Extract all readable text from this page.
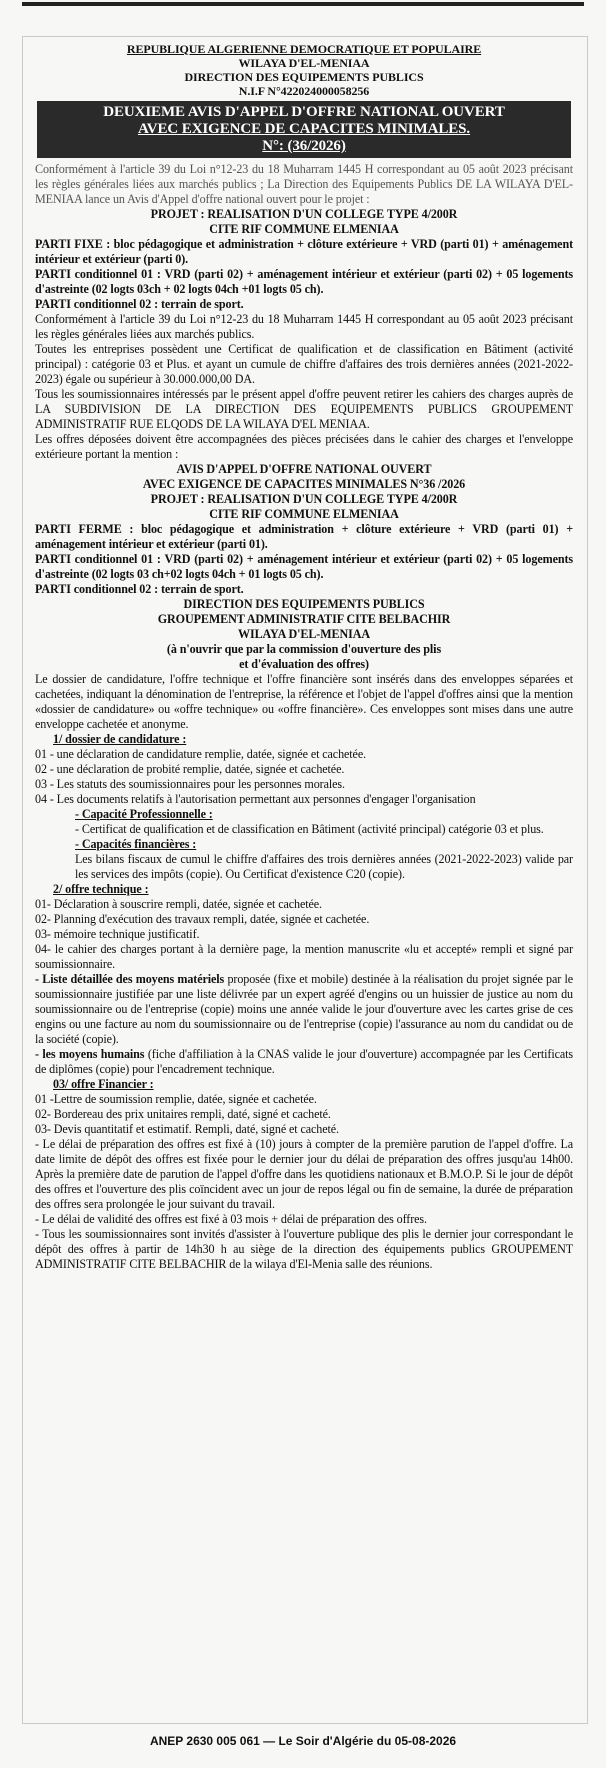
REPUBLIQUE ALGERIENNE DEMOCRATIQUE ET POPULAIRE
WILAYA D'EL-MENIAA
DIRECTION DES EQUIPEMENTS PUBLICS
N.I.F N°422024000058256
DEUXIEME AVIS D'APPEL D'OFFRE NATIONAL OUVERT
AVEC EXIGENCE DE CAPACITES MINIMALES.
N°: (36/2026)

Conformément à l'article 39 du Loi n°12-23 du 18 Muharram 1445 H correspondant au 05 août 2023 précisant les règles générales liées aux marchés publics ; La Direction des Equipements Publics DE LA WILAYA D'EL-MENIAA lance un Avis d'Appel d'offre national ouvert pour le projet :

PROJET : REALISATION D'UN COLLEGE TYPE 4/200R

CITE RIF COMMUNE ELMENIAA

PARTI FIXE : bloc pédagogique et administration + clôture extérieure + VRD (parti 01) + aménagement intérieur et extérieur (parti 0).

PARTI conditionnel 01 : VRD (parti 02) + aménagement intérieur et extérieur (parti 02) + 05 logements d'astreinte (02 logts 03ch + 02 logts 04ch +01 logts 05 ch).

PARTI conditionnel 02 : terrain de sport.

Conformément à l'article 39 du Loi n°12-23 du 18 Muharram 1445 H correspondant au 05 août 2023 précisant les règles générales liées aux marchés publics.

Toutes les entreprises possèdent une Certificat de qualification et de classification en Bâtiment (activité principal) : catégorie 03 et Plus. et ayant un cumule de chiffre d'affaires des trois dernières années (2021-2022-2023) égale ou supérieur à 30.000.000,00 DA.

Tous les soumissionnaires intéressés par le présent appel d'offre peuvent retirer les cahiers des charges auprès de LA SUBDIVISION DE LA DIRECTION DES EQUIPEMENTS PUBLICS GROUPEMENT ADMINISTRATIF RUE ELQODS DE LA WILAYA D'EL MENIAA.

Les offres déposées doivent être accompagnées des pièces précisées dans le cahier des charges et l'enveloppe extérieure portant la mention :

AVIS D'APPEL D'OFFRE NATIONAL OUVERT

AVEC EXIGENCE DE CAPACITES MINIMALES N°36 /2026

PROJET : REALISATION D'UN COLLEGE TYPE 4/200R

CITE RIF COMMUNE ELMENIAA

PARTI FERME : bloc pédagogique et administration + clôture extérieure + VRD (parti 01) + aménagement intérieur et extérieur (parti 01).

PARTI conditionnel 01 : VRD (parti 02) + aménagement intérieur et extérieur (parti 02) + 05 logements d'astreinte (02 logts 03 ch+02 logts 04ch + 01 logts 05 ch).

PARTI conditionnel 02 : terrain de sport.

DIRECTION DES EQUIPEMENTS PUBLICS

GROUPEMENT ADMINISTRATIF CITE BELBACHIR

WILAYA D'EL-MENIAA

(à n'ouvrir que par la commission d'ouverture des plis

et d'évaluation des offres)

Le dossier de candidature, l'offre technique et l'offre financière sont insérés dans des enveloppes séparées et cachetées, indiquant la dénomination de l'entreprise, la référence et l'objet de l'appel d'offres ainsi que la mention «dossier de candidature» ou «offre technique» ou «offre financière». Ces enveloppes sont mises dans une autre enveloppe cachetée et anonyme.

1/ dossier de candidature :

01 - une déclaration de candidature remplie, datée, signée et cachetée.

02 - une déclaration de probité remplie, datée, signée et cachetée.

03 - Les statuts des soumissionnaires pour les personnes morales.

04 - Les documents relatifs à l'autorisation permettant aux personnes d'engager l'organisation

- Capacité Professionnelle :

- Certificat de qualification et de classification en Bâtiment (activité principal) catégorie 03 et plus.

- Capacités financières :

Les bilans fiscaux de cumul le chiffre d'affaires des trois dernières années (2021-2022-2023) valide par les services des impôts (copie). Ou Certificat d'existence C20 (copie).

2/ offre technique :

01- Déclaration à souscrire rempli, datée, signée et cachetée.

02- Planning d'exécution des travaux rempli, datée, signée et cachetée.

03- mémoire technique justificatif.

04- le cahier des charges portant à la dernière page, la mention manuscrite «lu et accepté» rempli et signé par soumissionnaire.

- Liste détaillée des moyens matériels proposée (fixe et mobile) destinée à la réalisation du projet signée par le soumissionnaire justifiée par une liste délivrée par un expert agréé d'engins ou un huissier de justice au nom du soumissionnaire ou de l'entreprise (copie) moins une année valide le jour d'ouverture avec les cartes grise de ces engins ou une facture au nom du soumissionnaire ou de l'entreprise (copie) l'assurance au nom du candidat ou de la société (copie).

- les moyens humains (fiche d'affiliation à la CNAS valide le jour d'ouverture) accompagnée par les Certificats de diplômes (copie) pour l'encadrement technique.

03/ offre Financier :

01 -Lettre de soumission remplie, datée, signée et cachetée.

02- Bordereau des prix unitaires rempli, daté, signé et cacheté.

03- Devis quantitatif et estimatif. Rempli, daté, signé et cacheté.

- Le délai de préparation des offres est fixé à (10) jours à compter de la première parution de l'appel d'offre. La date limite de dépôt des offres est fixée pour le dernier jour du délai de préparation des offres jusqu'au 14h00. Après la première date de parution de l'appel d'offre dans les quotidiens nationaux et B.M.O.P. Si le jour de dépôt des offres et l'ouverture des plis coïncident avec un jour de repos légal ou fin de semaine, la durée de préparation des offres sera prolongée le jour suivant du travail.

- Le délai de validité des offres est fixé à 03 mois + délai de préparation des offres.

- Tous les soumissionnaires sont invités d'assister à l'ouverture publique des plis le dernier jour correspondant le dépôt des offres à partir de 14h30 h au siège de la direction des équipements publics GROUPEMENT ADMINISTRATIF CITE BELBACHIR de la wilaya d'El-Menia salle des réunions.

ANEP 2630 005 061 — Le Soir d'Algérie du 05-08-2026
